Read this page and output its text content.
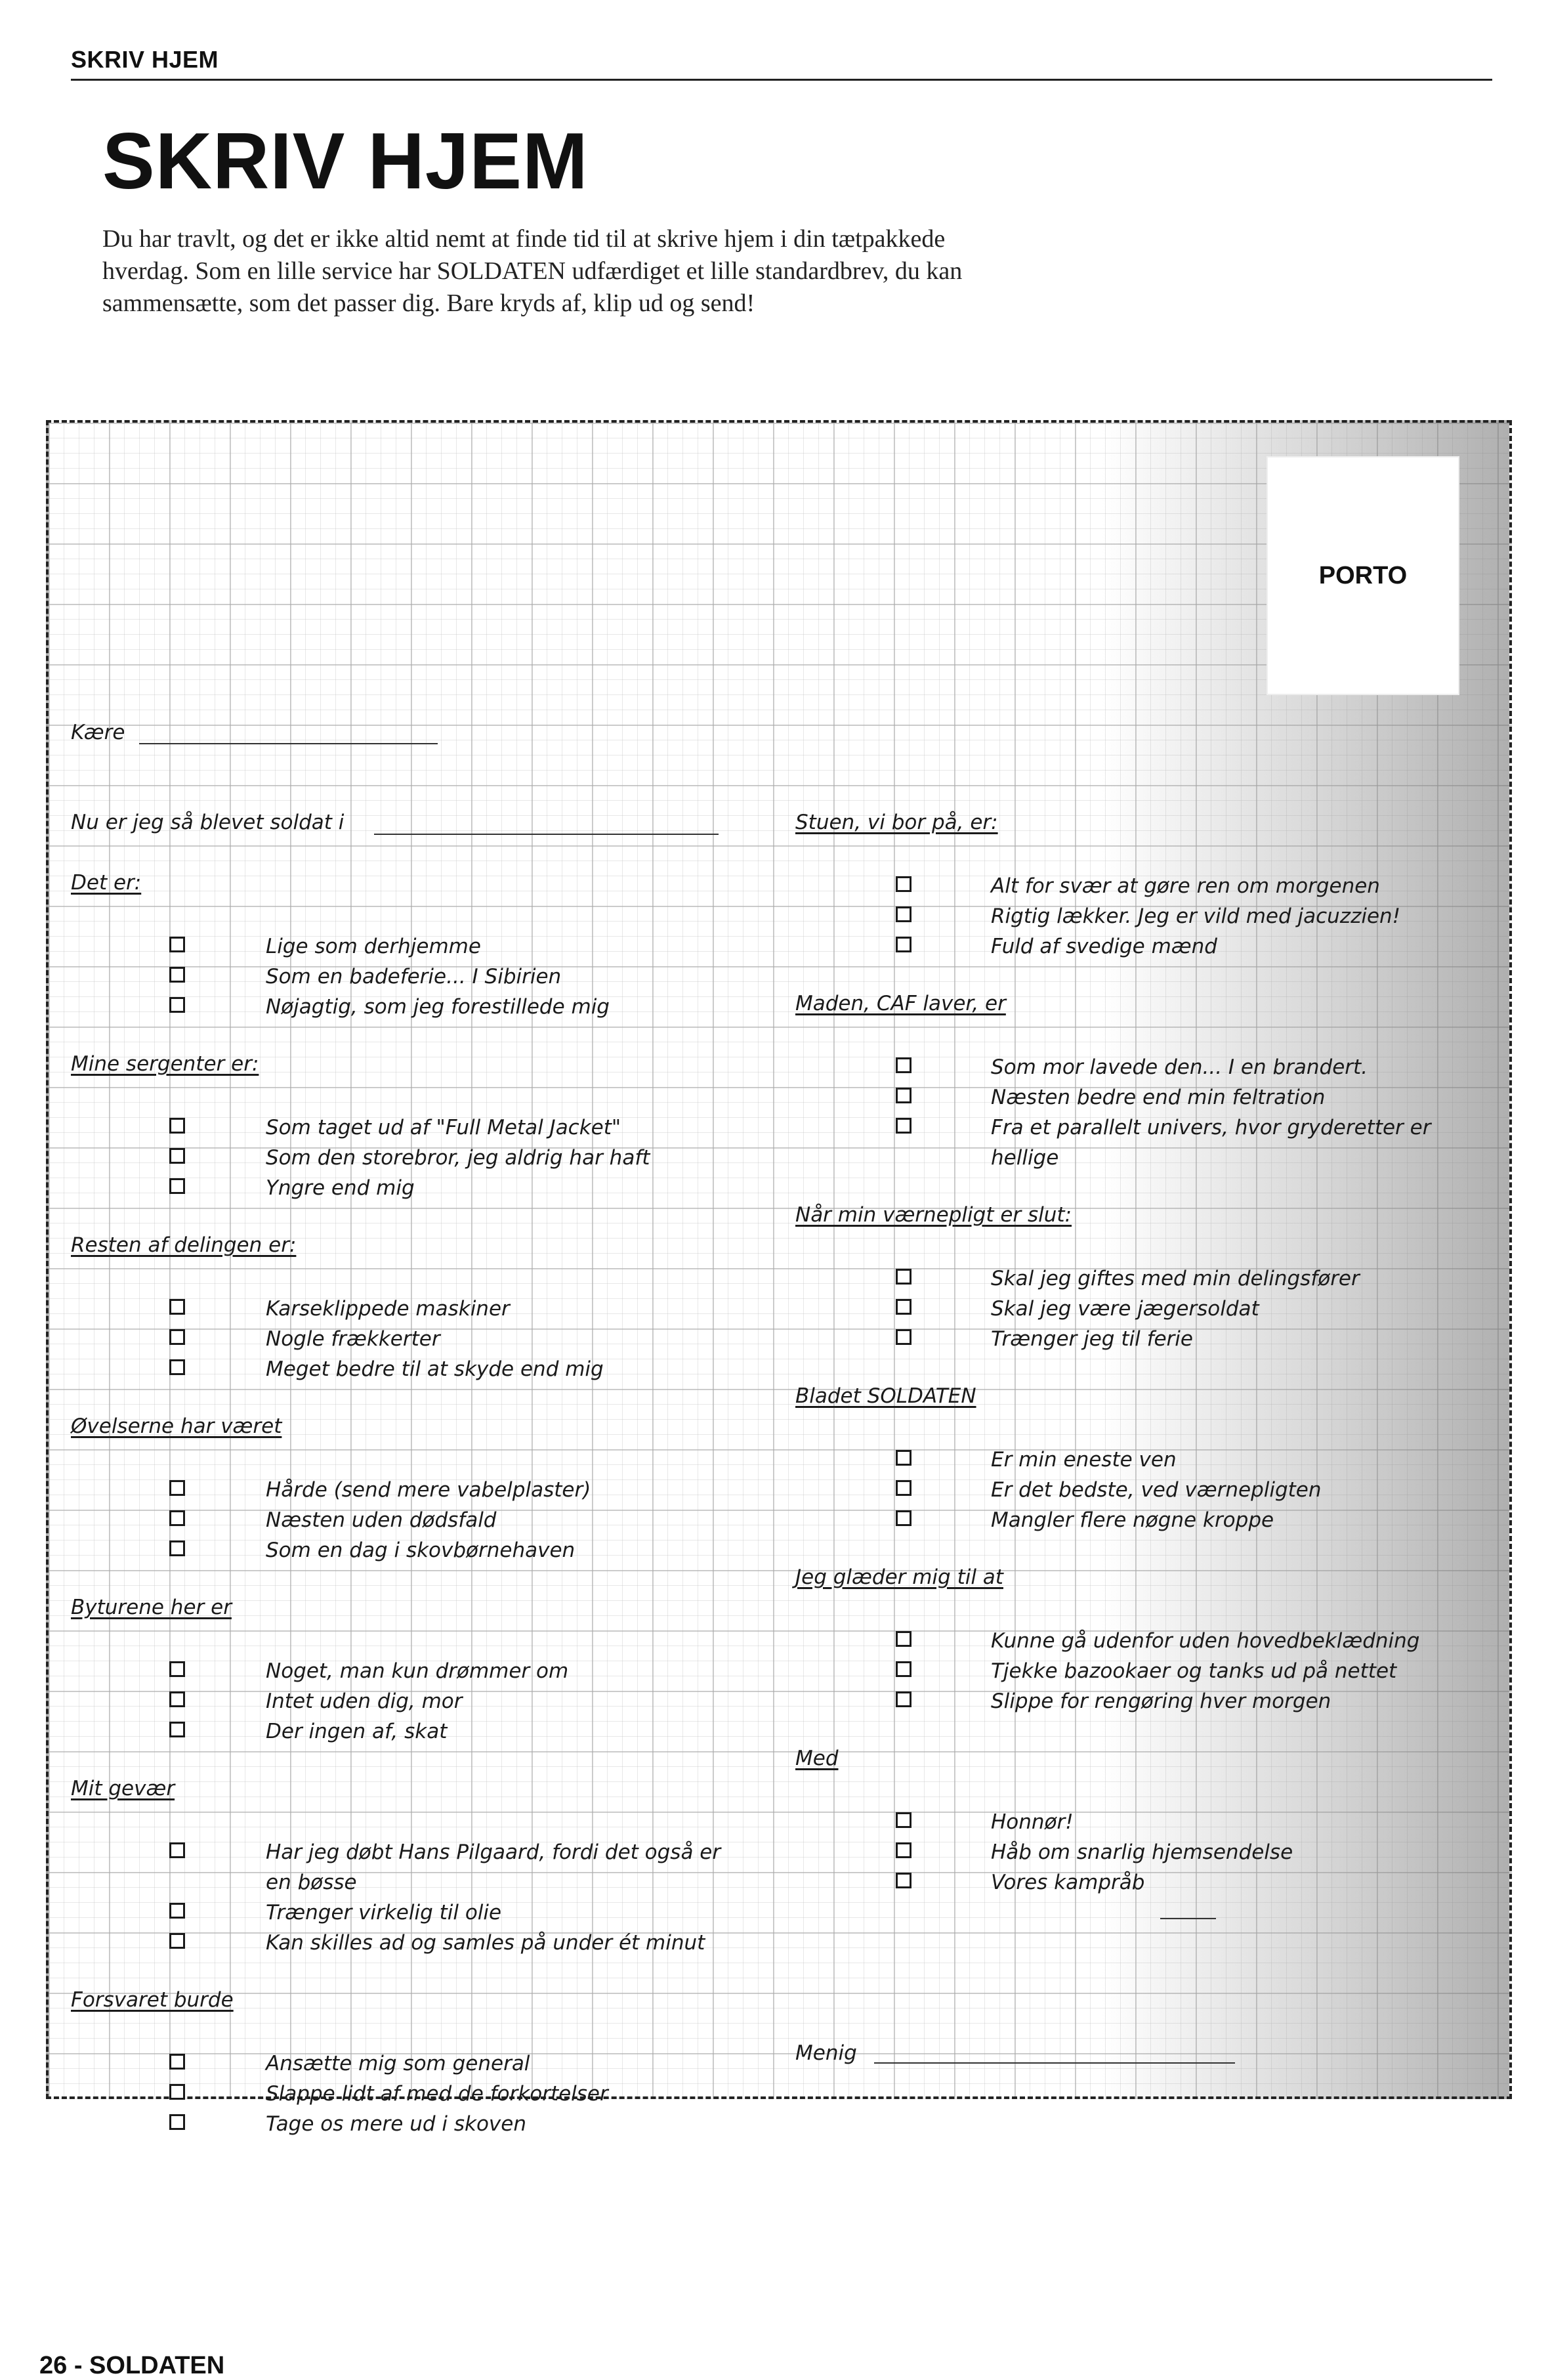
SKRIV HJEM
SKRIV HJEM
Du har travlt, og det er ikke altid nemt at finde tid til at skrive hjem i din tætpakkede hverdag. Som en lille service har SOLDATEN udfærdiget et lille standardbrev, du kan sammensætte, som det passer dig. Bare kryds af, klip ud og send!
PORTO
Kære
Nu er jeg så blevet soldat i
Det er:
Lige som derhjemme
Som en badeferie... I Sibirien
Nøjagtig, som jeg forestillede mig
Mine sergenter er:
Som taget ud af "Full Metal Jacket"
Som den storebror, jeg aldrig har haft
Yngre end mig
Resten af delingen er:
Karseklippede maskiner
Nogle frækkerter
Meget bedre til at skyde end mig
Øvelserne har været
Hårde (send mere vabelplaster)
Næsten uden dødsfald
Som en dag i skovbørnehaven
Byturene her er
Noget, man kun drømmer om
Intet uden dig, mor
Der ingen af, skat
Mit gevær
Har jeg døbt Hans Pilgaard, fordi det også er
en bøsse
Trænger virkelig til olie
Kan skilles ad og samles på under ét minut
Forsvaret burde
Ansætte mig som general
Slappe lidt af med de forkortelser
Tage os mere ud i skoven
Stuen, vi bor på, er:
Alt for svær at gøre ren om morgenen
Rigtig lækker. Jeg er vild med jacuzzien!
Fuld af svedige mænd
Maden, CAF laver, er
Som mor lavede den... I en brandert.
Næsten bedre end min feltration
Fra et parallelt univers, hvor gryderetter er
hellige
Når min værnepligt er slut:
Skal jeg giftes med min delingsfører
Skal jeg være jægersoldat
Trænger jeg til ferie
Bladet SOLDATEN
Er min eneste ven
Er det bedste, ved værnepligten
Mangler flere nøgne kroppe
Jeg glæder mig til at
Kunne gå udenfor uden hovedbeklædning
Tjekke bazookaer og tanks ud på nettet
Slippe for rengøring hver morgen
Med
Honnør!
Håb om snarlig hjemsendelse
Vores kampråb
Menig
26 - SOLDATEN
